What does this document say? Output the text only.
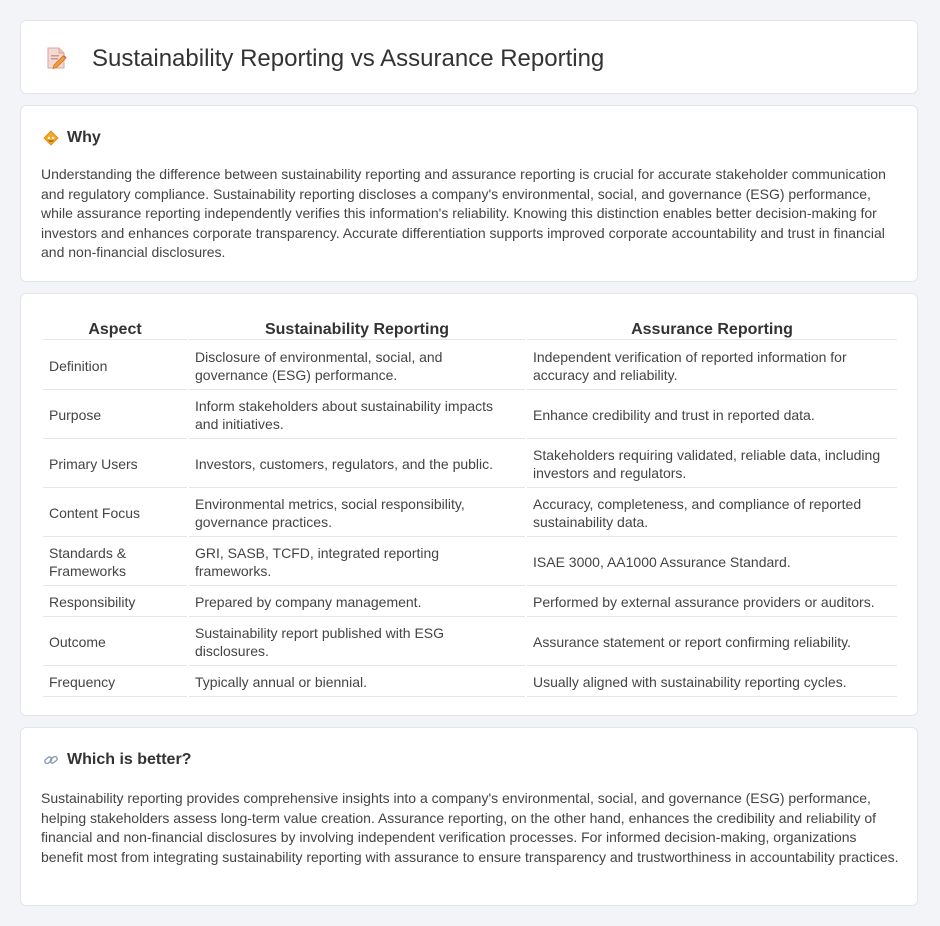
Sustainability Reporting vs Assurance Reporting
Why

Understanding the difference between sustainability reporting and assurance reporting is crucial for accurate stakeholder communication and regulatory compliance. Sustainability reporting discloses a company's environmental, social, and governance (ESG) performance, while assurance reporting independently verifies this information's reliability. Knowing this distinction enables better decision-making for investors and enhances corporate transparency. Accurate differentiation supports improved corporate accountability and trust in financial and non-financial disclosures.

Aspect	Sustainability Reporting	Assurance Reporting
Definition	Disclosure of environmental, social, and governance (ESG) performance.	Independent verification of reported information for accuracy and reliability.
Purpose	Inform stakeholders about sustainability impacts and initiatives.	Enhance credibility and trust in reported data.
Primary Users	Investors, customers, regulators, and the public.	Stakeholders requiring validated, reliable data, including investors and regulators.
Content Focus	Environmental metrics, social responsibility, governance practices.	Accuracy, completeness, and compliance of reported sustainability data.
Standards & Frameworks	GRI, SASB, TCFD, integrated reporting frameworks.	ISAE 3000, AA1000 Assurance Standard.
Responsibility	Prepared by company management.	Performed by external assurance providers or auditors.
Outcome	Sustainability report published with ESG disclosures.	Assurance statement or report confirming reliability.
Frequency	Typically annual or biennial.	Usually aligned with sustainability reporting cycles.
Which is better?

Sustainability reporting provides comprehensive insights into a company's environmental, social, and governance (ESG) performance, helping stakeholders assess long-term value creation. Assurance reporting, on the other hand, enhances the credibility and reliability of financial and non-financial disclosures by involving independent verification processes. For informed decision-making, organizations benefit most from integrating sustainability reporting with assurance to ensure transparency and trustworthiness in accountability practices.
